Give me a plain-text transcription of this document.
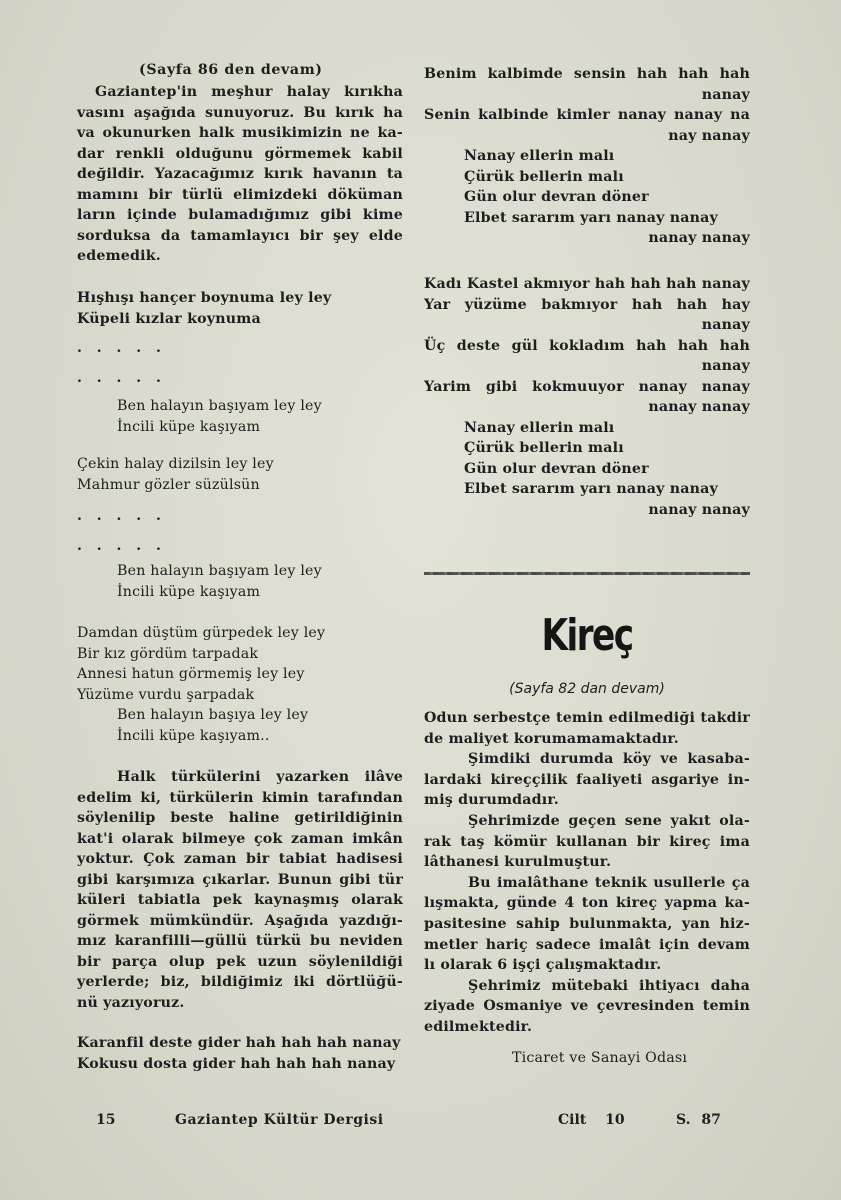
(Sayfa 86 den devam)
Gaziantep'in meşhur halay kırıkha
vasını aşağıda sunuyoruz. Bu kırık ha
va okunurken halk musikimizin ne ka-
dar renkli olduğunu görmemek kabil
değildir. Yazacağımız kırık havanın ta
mamını bir türlü elimizdeki döküman
ların içinde bulamadığımız gibi kime
sorduksa da tamamlayıcı bir şey elde
edemedik.
Hışhışı hançer boynuma ley ley
Küpeli kızlar koynuma
. . . . .
. . . . .
Ben halayın başıyam ley ley
İncili küpe kaşıyam
Çekin halay dizilsin ley ley
Mahmur gözler süzülsün
. . . . .
. . . . .
Ben halayın başıyam ley ley
İncili küpe kaşıyam
Damdan düştüm gürpedek ley ley
Bir kız gördüm tarpadak
Annesi hatun görmemiş ley ley
Yüzüme vurdu şarpadak
Ben halayın başıya ley ley
İncili küpe kaşıyam..
Halk türkülerini yazarken ilâve
edelim ki, türkülerin kimin tarafından
söylenilip beste haline getirildiğinin
kat'i olarak bilmeye çok zaman imkân
yoktur. Çok zaman bir tabiat hadisesi
gibi karşımıza çıkarlar. Bunun gibi tür
küleri tabiatla pek kaynaşmış olarak
görmek mümkündür. Aşağıda yazdığı-
mız karanfilli—güllü türkü bu neviden
bir parça olup pek uzun söylenildiği
yerlerde; biz, bildiğimiz iki dörtlüğü-
nü yazıyoruz.
Karanfil deste gider hah hah hah nanay
Kokusu dosta gider hah hah hah nanay
Benim kalbimde sensin hah hah hah
nanay
Senin kalbinde kimler nanay nanay na
nay nanay
Nanay ellerin malı
Çürük bellerin malı
Gün olur devran döner
Elbet sararım yarı nanay nanay
nanay nanay
Kadı Kastel akmıyor hah hah hah nanay
Yar yüzüme bakmıyor hah hah hay
nanay
Üç deste gül kokladım hah hah hah
nanay
Yarim gibi kokmuuyor nanay nanay
nanay nanay
Nanay ellerin malı
Çürük bellerin malı
Gün olur devran döner
Elbet sararım yarı nanay nanay
nanay nanay
Kireç
(Sayfa 82 dan devam)
Odun serbestçe temin edilmediği takdir
de maliyet korumamamaktadır.
Şimdiki durumda köy ve kasaba-
lardaki kireççilik faaliyeti asgariye in-
miş durumdadır.
Şehrimizde geçen sene yakıt ola-
rak taş kömür kullanan bir kireç ima
lâthanesi kurulmuştur.
Bu imalâthane teknik usullerle ça
lışmakta, günde 4 ton kireç yapma ka-
pasitesine sahip bulunmakta, yan hiz-
metler hariç sadece imalât için devam
lı olarak 6 işçi çalışmaktadır.
Şehrimiz mütebaki ihtiyacı daha
ziyade Osmaniye ve çevresinden temin
edilmektedir.
Ticaret ve Sanayi Odası
15	Gaziantep Kültür Dergisi	Cilt 10	S. 87
